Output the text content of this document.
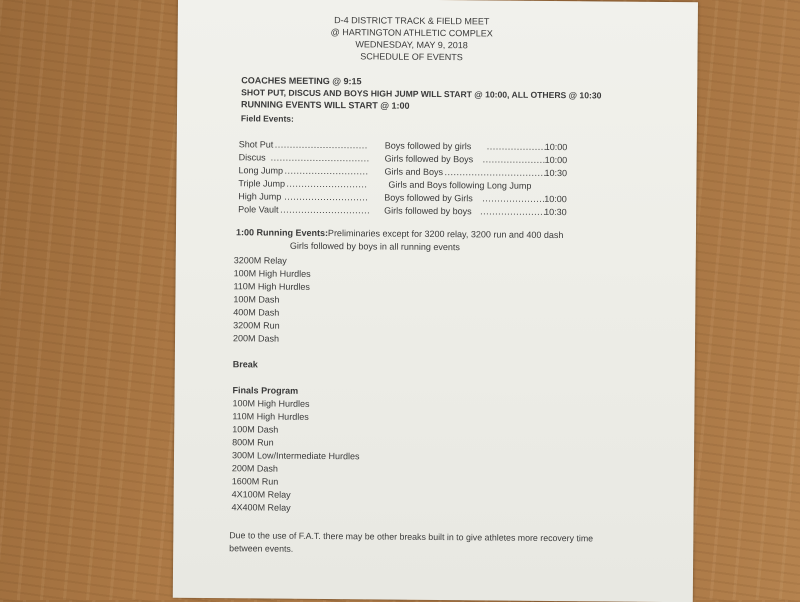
D-4 DISTRICT TRACK & FIELD MEET
@ HARTINGTON ATHLETIC COMPLEX
WEDNESDAY, MAY 9, 2018
SCHEDULE OF EVENTS
COACHES MEETING @ 9:15
SHOT PUT, DISCUS AND BOYS HIGH JUMP WILL START @ 10:00, ALL OTHERS @ 10:30
RUNNING EVENTS WILL START @ 1:00
Field Events:
Shot Put ............................... Boys followed by girls .....................
10:00
Discus ................................. Girls followed by Boys .....................
10:00
Long Jump ............................ Girls and Boys ...................................
10:30
Triple Jump ........................... Girls and Boys following Long Jump
High Jump ............................ Boys followed by Girls .....................
10:00
Pole Vault .............................. Girls followed by boys ......................
10:30
1:00 Running Events: Preliminaries except for 3200 relay, 3200 run and 400 dash
Girls followed by boys in all running events
3200M Relay
100M High Hurdles
110M High Hurdles
100M Dash
400M Dash
3200M Run
200M Dash
Break
Finals Program
100M High Hurdles
110M High Hurdles
100M Dash
800M Run
300M Low/Intermediate Hurdles
200M Dash
1600M Run
4X100M Relay
4X400M Relay
Due to the use of F.A.T. there may be other breaks built in to give athletes more recovery time
between events.
